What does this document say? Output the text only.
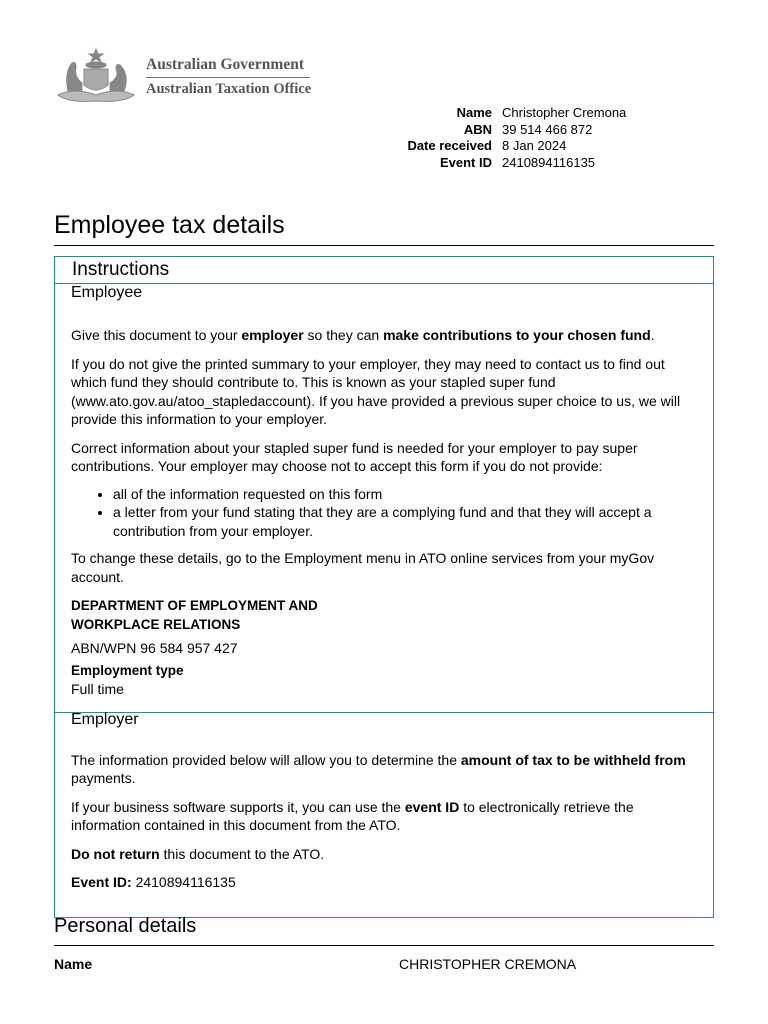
Australian Government
Australian Taxation Office
Name Christopher Cremona
ABN 39 514 466 872
Date received 8 Jan 2024
Event ID 2410894116135
Employee tax details
Instructions
Employee

Give this document to your employer so they can make contributions to your chosen fund.

If you do not give the printed summary to your employer, they may need to contact us to find out which fund they should contribute to. This is known as your stapled super fund (www.ato.gov.au/atoo_stapledaccount). If you have provided a previous super choice to us, we will provide this information to your employer.

Correct information about your stapled super fund is needed for your employer to pay super contributions. Your employer may choose not to accept this form if you do not provide:

• all of the information requested on this form
• a letter from your fund stating that they are a complying fund and that they will accept a contribution from your employer.

To change these details, go to the Employment menu in ATO online services from your myGov account.

DEPARTMENT OF EMPLOYMENT AND
WORKPLACE RELATIONS

ABN/WPN 96 584 957 427

Employment type

Full time

Employer

The information provided below will allow you to determine the amount of tax to be withheld from payments.

If your business software supports it, you can use the event ID to electronically retrieve the information contained in this document from the ATO.

Do not return this document to the ATO.

Event ID: 2410894116135

Personal details
Name	CHRISTOPHER CREMONA
